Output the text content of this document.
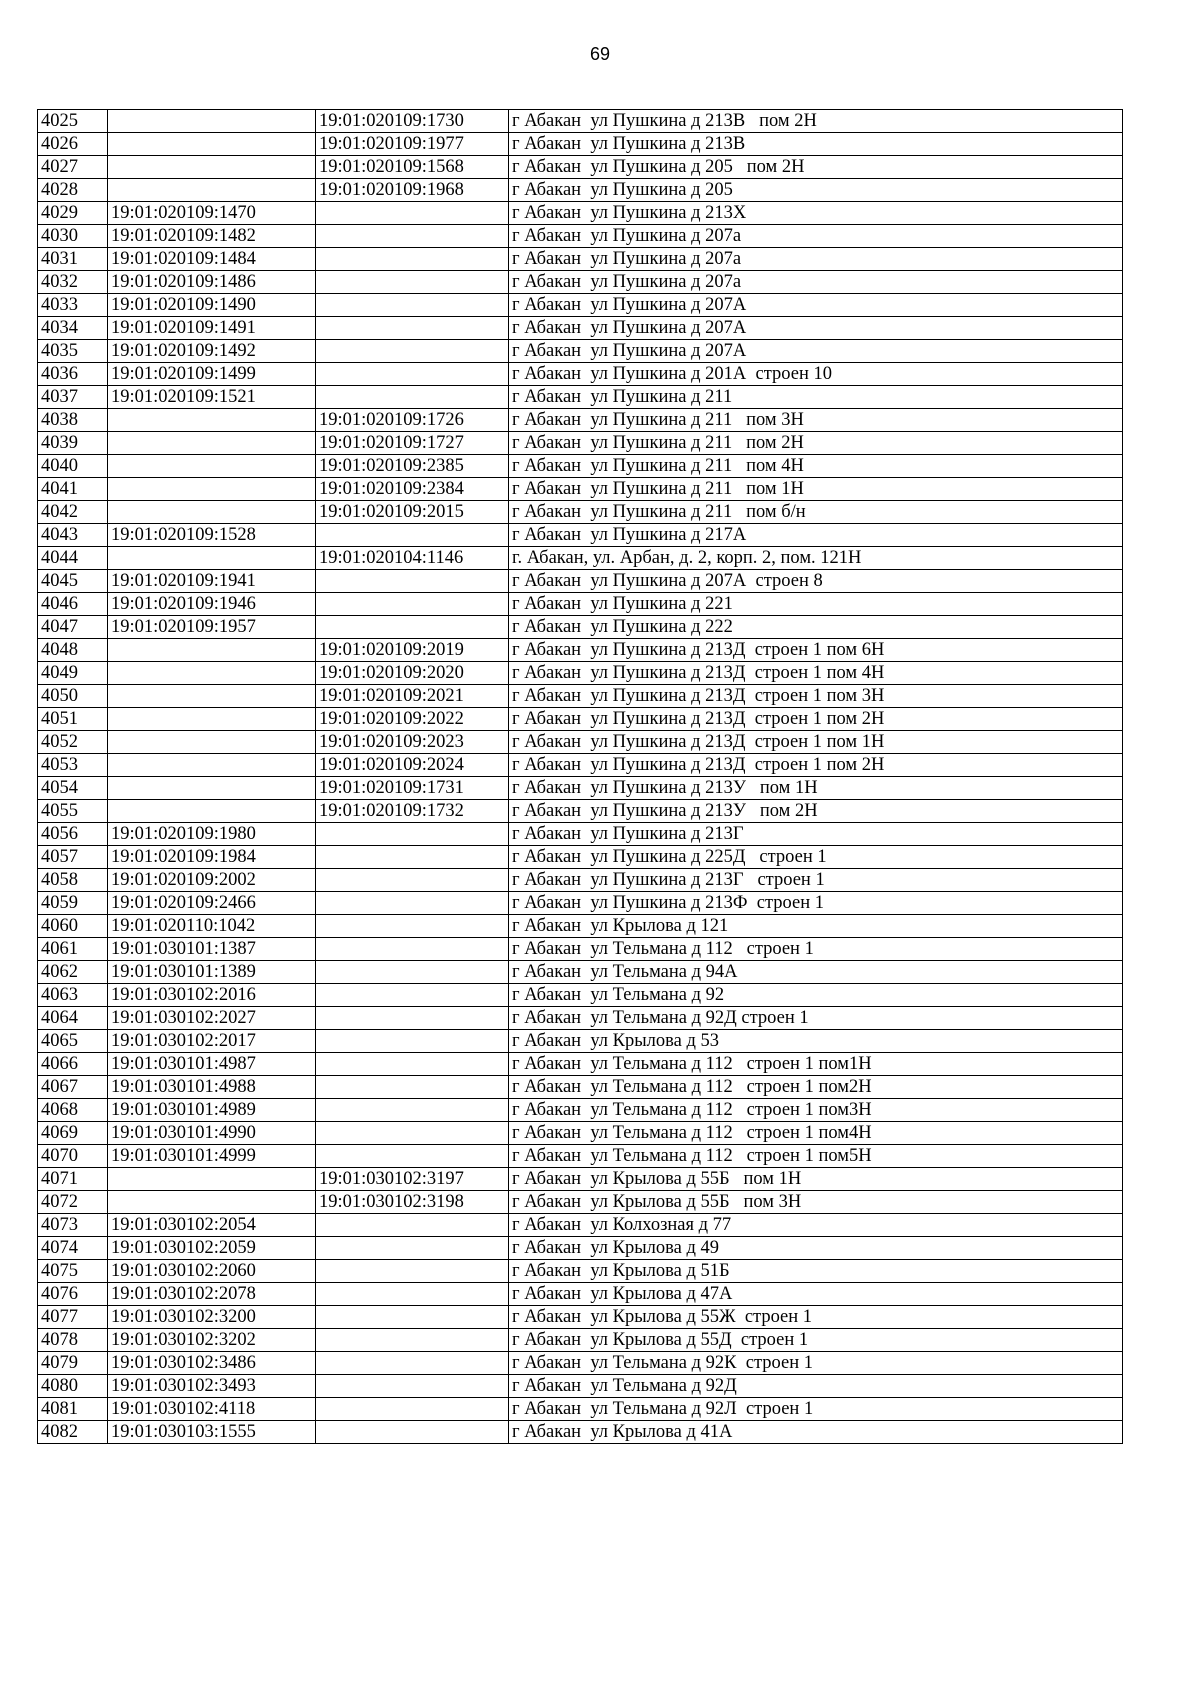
69
4025		19:01:020109:1730	г Абакан  ул Пушкина д 213В   пом 2Н
4026		19:01:020109:1977	г Абакан  ул Пушкина д 213В
4027		19:01:020109:1568	г Абакан  ул Пушкина д 205   пом 2Н
4028		19:01:020109:1968	г Абакан  ул Пушкина д 205
4029	19:01:020109:1470		г Абакан  ул Пушкина д 213Х
4030	19:01:020109:1482		г Абакан  ул Пушкина д 207а
4031	19:01:020109:1484		г Абакан  ул Пушкина д 207а
4032	19:01:020109:1486		г Абакан  ул Пушкина д 207а
4033	19:01:020109:1490		г Абакан  ул Пушкина д 207А
4034	19:01:020109:1491		г Абакан  ул Пушкина д 207А
4035	19:01:020109:1492		г Абакан  ул Пушкина д 207А
4036	19:01:020109:1499		г Абакан  ул Пушкина д 201А  строен 10
4037	19:01:020109:1521		г Абакан  ул Пушкина д 211
4038		19:01:020109:1726	г Абакан  ул Пушкина д 211   пом 3Н
4039		19:01:020109:1727	г Абакан  ул Пушкина д 211   пом 2Н
4040		19:01:020109:2385	г Абакан  ул Пушкина д 211   пом 4Н
4041		19:01:020109:2384	г Абакан  ул Пушкина д 211   пом 1Н
4042		19:01:020109:2015	г Абакан  ул Пушкина д 211   пом б/н
4043	19:01:020109:1528		г Абакан  ул Пушкина д 217А
4044		19:01:020104:1146	г. Абакан, ул. Арбан, д. 2, корп. 2, пом. 121Н
4045	19:01:020109:1941		г Абакан  ул Пушкина д 207А  строен 8
4046	19:01:020109:1946		г Абакан  ул Пушкина д 221
4047	19:01:020109:1957		г Абакан  ул Пушкина д 222
4048		19:01:020109:2019	г Абакан  ул Пушкина д 213Д  строен 1 пом 6Н
4049		19:01:020109:2020	г Абакан  ул Пушкина д 213Д  строен 1 пом 4Н
4050		19:01:020109:2021	г Абакан  ул Пушкина д 213Д  строен 1 пом 3Н
4051		19:01:020109:2022	г Абакан  ул Пушкина д 213Д  строен 1 пом 2Н
4052		19:01:020109:2023	г Абакан  ул Пушкина д 213Д  строен 1 пом 1Н
4053		19:01:020109:2024	г Абакан  ул Пушкина д 213Д  строен 1 пом 2Н
4054		19:01:020109:1731	г Абакан  ул Пушкина д 213У   пом 1Н
4055		19:01:020109:1732	г Абакан  ул Пушкина д 213У   пом 2Н
4056	19:01:020109:1980		г Абакан  ул Пушкина д 213Г
4057	19:01:020109:1984		г Абакан  ул Пушкина д 225Д   строен 1
4058	19:01:020109:2002		г Абакан  ул Пушкина д 213Г   строен 1
4059	19:01:020109:2466		г Абакан  ул Пушкина д 213Ф  строен 1
4060	19:01:020110:1042		г Абакан  ул Крылова д 121
4061	19:01:030101:1387		г Абакан  ул Тельмана д 112   строен 1
4062	19:01:030101:1389		г Абакан  ул Тельмана д 94А
4063	19:01:030102:2016		г Абакан  ул Тельмана д 92
4064	19:01:030102:2027		г Абакан  ул Тельмана д 92Д строен 1
4065	19:01:030102:2017		г Абакан  ул Крылова д 53
4066	19:01:030101:4987		г Абакан  ул Тельмана д 112   строен 1 пом1Н
4067	19:01:030101:4988		г Абакан  ул Тельмана д 112   строен 1 пом2Н
4068	19:01:030101:4989		г Абакан  ул Тельмана д 112   строен 1 пом3Н
4069	19:01:030101:4990		г Абакан  ул Тельмана д 112   строен 1 пом4Н
4070	19:01:030101:4999		г Абакан  ул Тельмана д 112   строен 1 пом5Н
4071		19:01:030102:3197	г Абакан  ул Крылова д 55Б   пом 1Н
4072		19:01:030102:3198	г Абакан  ул Крылова д 55Б   пом 3Н
4073	19:01:030102:2054		г Абакан  ул Колхозная д 77
4074	19:01:030102:2059		г Абакан  ул Крылова д 49
4075	19:01:030102:2060		г Абакан  ул Крылова д 51Б
4076	19:01:030102:2078		г Абакан  ул Крылова д 47А
4077	19:01:030102:3200		г Абакан  ул Крылова д 55Ж  строен 1
4078	19:01:030102:3202		г Абакан  ул Крылова д 55Д  строен 1
4079	19:01:030102:3486		г Абакан  ул Тельмана д 92К  строен 1
4080	19:01:030102:3493		г Абакан  ул Тельмана д 92Д
4081	19:01:030102:4118		г Абакан  ул Тельмана д 92Л  строен 1
4082	19:01:030103:1555		г Абакан  ул Крылова д 41А
